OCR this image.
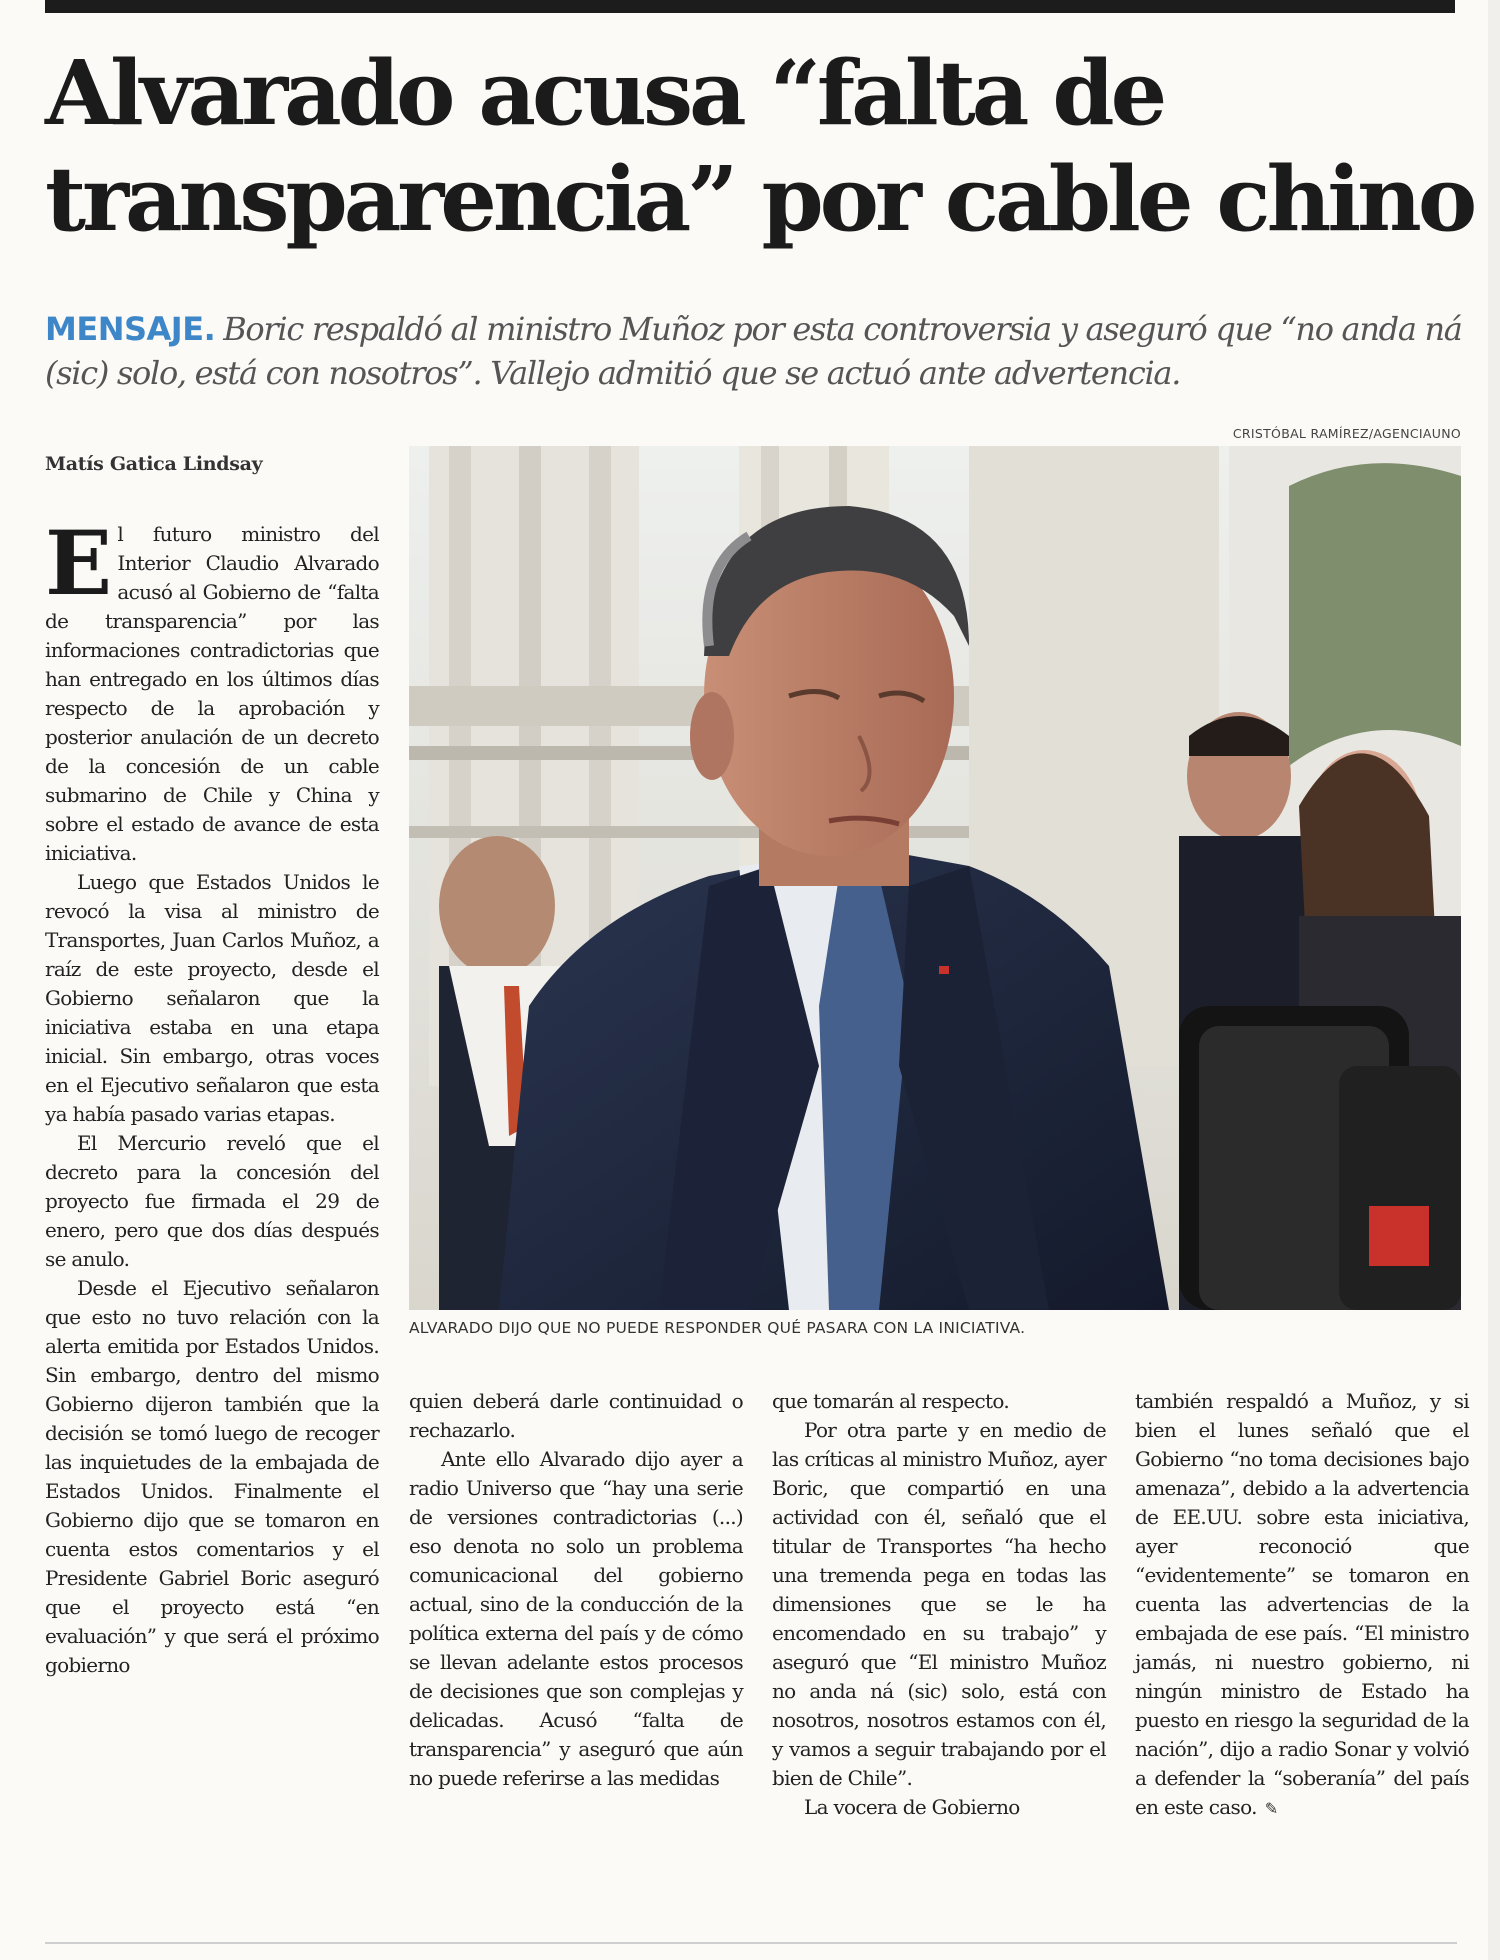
Alvarado acusa “falta de
transparencia” por cable chino
MENSAJE. Boric respaldó al ministro Muñoz por esta controversia y aseguró que “no anda ná (sic) solo, está con nosotros”. Vallejo admitió que se actuó ante advertencia.
CRISTÓBAL RAMÍREZ/AGENCIAUNO
Matís Gatica Lindsay
ALVARADO DIJO QUE NO PUEDE RESPONDER QUÉ PASARA CON LA INICIATIVA.

El futuro ministro del Interior Claudio Alvarado acusó al Gobierno de “falta de transparencia” por las informaciones contradictorias que han entregado en los últimos días respecto de la aprobación y posterior anulación de un decreto de la concesión de un cable submarino de Chile y China y sobre el estado de avance de esta iniciativa.

Luego que Estados Unidos le revocó la visa al ministro de Transportes, Juan Carlos Muñoz, a raíz de este proyecto, desde el Gobierno señalaron que la iniciativa estaba en una etapa inicial. Sin embargo, otras voces en el Ejecutivo señalaron que esta ya había pasado varias etapas.

El Mercurio reveló que el decreto para la concesión del proyecto fue firmada el 29 de enero, pero que dos días después se anulo.

Desde el Ejecutivo señalaron que esto no tuvo relación con la alerta emitida por Estados Unidos. Sin embargo, dentro del mismo Gobierno dijeron también que la decisión se tomó luego de recoger las inquietudes de la embajada de Estados Unidos. Finalmente el Gobierno dijo que se tomaron en cuenta estos comentarios y el Presidente Gabriel Boric aseguró que el proyecto está “en evaluación” y que será el próximo gobierno

quien deberá darle continuidad o rechazarlo.

Ante ello Alvarado dijo ayer a radio Universo que “hay una serie de versiones contradictorias (...) eso denota no solo un problema comunicacional del gobierno actual, sino de la conducción de la política externa del país y de cómo se llevan adelante estos procesos de decisiones que son complejas y delicadas. Acusó “falta de transparencia” y aseguró que aún no puede referirse a las medidas

que tomarán al respecto.

Por otra parte y en medio de las críticas al ministro Muñoz, ayer Boric, que compartió en una actividad con él, señaló que el titular de Transportes “ha hecho una tremenda pega en todas las dimensiones que se le ha encomendado en su trabajo” y aseguró que “El ministro Muñoz no anda ná (sic) solo, está con nosotros, nosotros estamos con él, y vamos a seguir trabajando por el bien de Chile”.

La vocera de Gobierno

también respaldó a Muñoz, y si bien el lunes señaló que el Gobierno “no toma decisiones bajo amenaza”, debido a la advertencia de EE.UU. sobre esta iniciativa, ayer reconoció que “evidentemente” se tomaron en cuenta las advertencias de la embajada de ese país. “El ministro jamás, ni nuestro gobierno, ni ningún ministro de Estado ha puesto en riesgo la seguridad de la nación”, dijo a radio Sonar y volvió a defender la “soberanía” del país en este caso. ✎
